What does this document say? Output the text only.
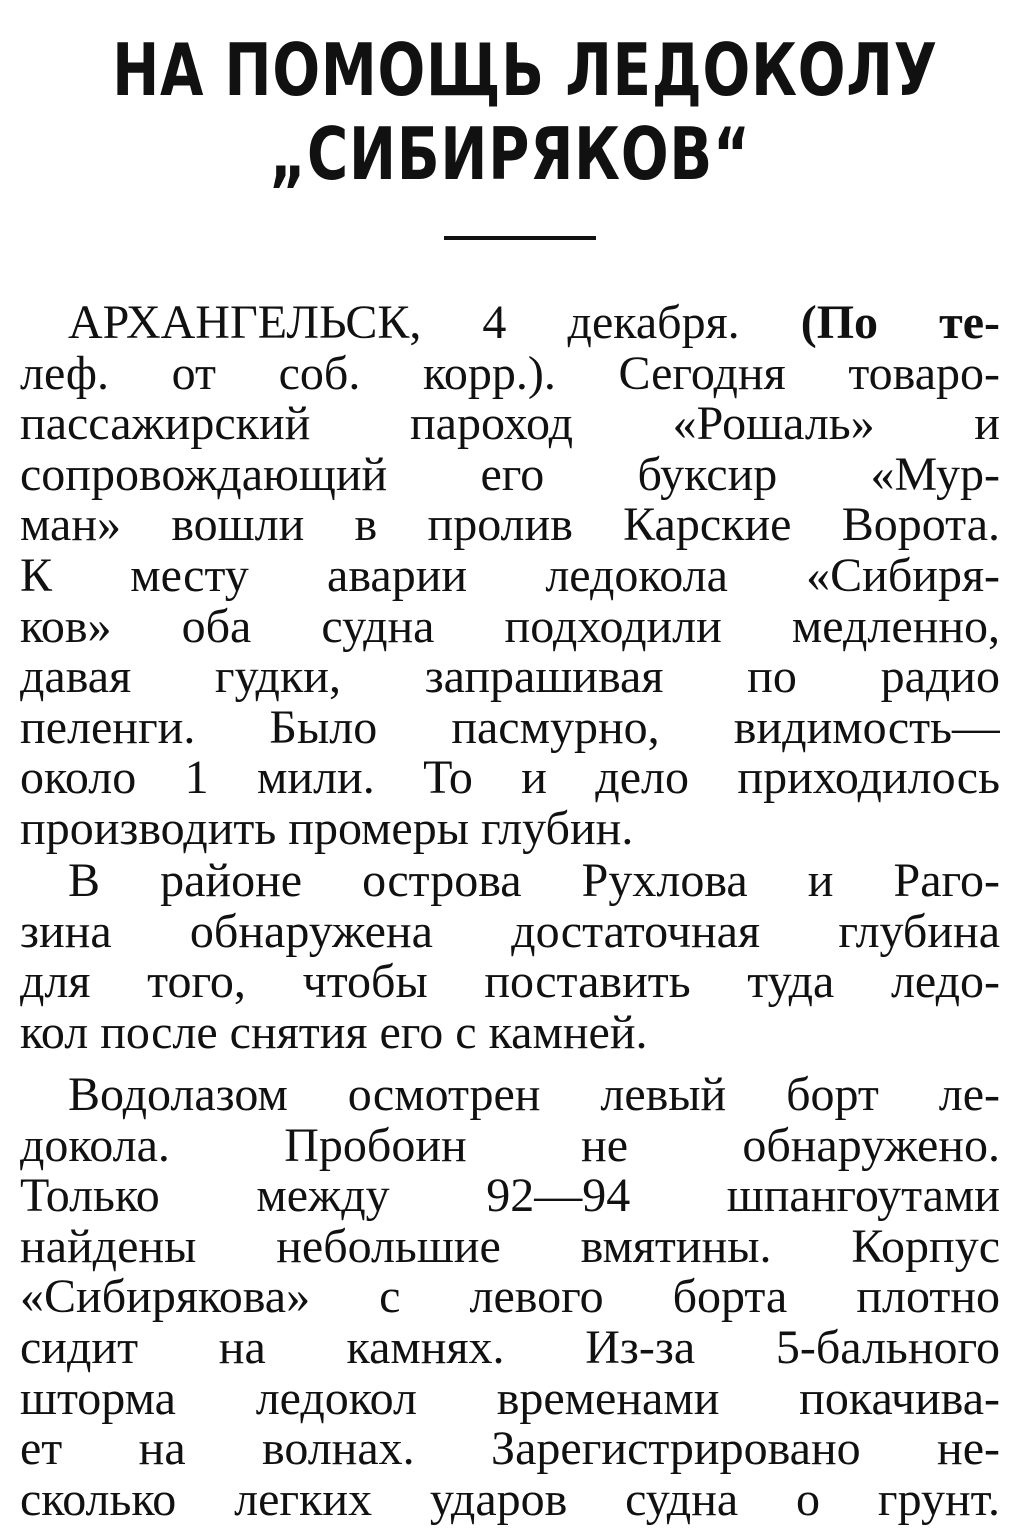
НА ПОМОЩЬ ЛЕДОКОЛУ
„СИБИРЯКОВ“
АРХАНГЕЛЬСК, 4 декабря. (По те-
леф. от соб. корр.). Сегодня товаро-
пассажирский пароход «Рошаль» и
сопровождающий его буксир «Мур-
ман» вошли в пролив Карские Ворота.
К месту аварии ледокола «Сибиря-
ков» оба судна подходили медленно,
давая гудки, запрашивая по радио
пеленги. Было пасмурно, видимость—
около 1 мили. То и дело приходилось
производить промеры глубин.
В районе острова Рухлова и Раго-
зина обнаружена достаточная глубина
для того, чтобы поставить туда ледо-
кол после снятия его с камней.
Водолазом осмотрен левый борт ле-
докола. Пробоин не обнаружено.
Только между 92—94 шпангоутами
найдены небольшие вмятины. Корпус
«Сибирякова» с левого борта плотно
сидит на камнях. Из-за 5-бального
шторма ледокол временами покачива-
ет на волнах. Зарегистрировано не-
сколько легких ударов судна о грунт.
